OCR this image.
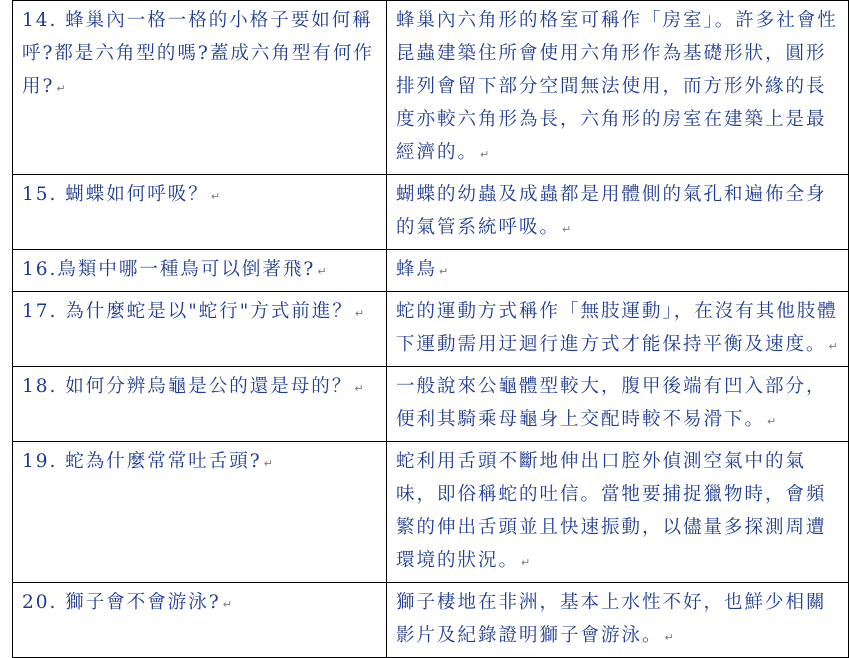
14. 蜂巢內一格一格的小格子要如何稱呼?都是六角型的嗎?蓋成六角型有何作用? ↵	蜂巢內六角形的格室可稱作「房室」。許多社會性昆蟲建築住所會使用六角形作為基礎形狀，圓形排列會留下部分空間無法使用，而方形外緣的長度亦較六角形為長，六角形的房室在建築上是最經濟的。 ↵
15. 蝴蝶如何呼吸？ ↵	蝴蝶的幼蟲及成蟲都是用體側的氣孔和遍佈全身的氣管系統呼吸。 ↵
16.鳥類中哪一種鳥可以倒著飛? ↵	蜂鳥 ↵
17. 為什麼蛇是以"蛇行"方式前進？ ↵	蛇的運動方式稱作「無肢運動」，在沒有其他肢體下運動需用迂迴行進方式才能保持平衡及速度。 ↵
18. 如何分辨烏龜是公的還是母的？ ↵	一般說來公龜體型較大，腹甲後端有凹入部分，便利其騎乘母龜身上交配時較不易滑下。 ↵
19. 蛇為什麼常常吐舌頭? ↵	蛇利用舌頭不斷地伸出口腔外偵測空氣中的氣味，即俗稱蛇的吐信。當牠要捕捉獵物時，會頻繁的伸出舌頭並且快速振動，以儘量多探測周遭環境的狀況。 ↵
20. 獅子會不會游泳? ↵	獅子棲地在非洲，基本上水性不好，也鮮少相關影片及紀錄證明獅子會游泳。 ↵
